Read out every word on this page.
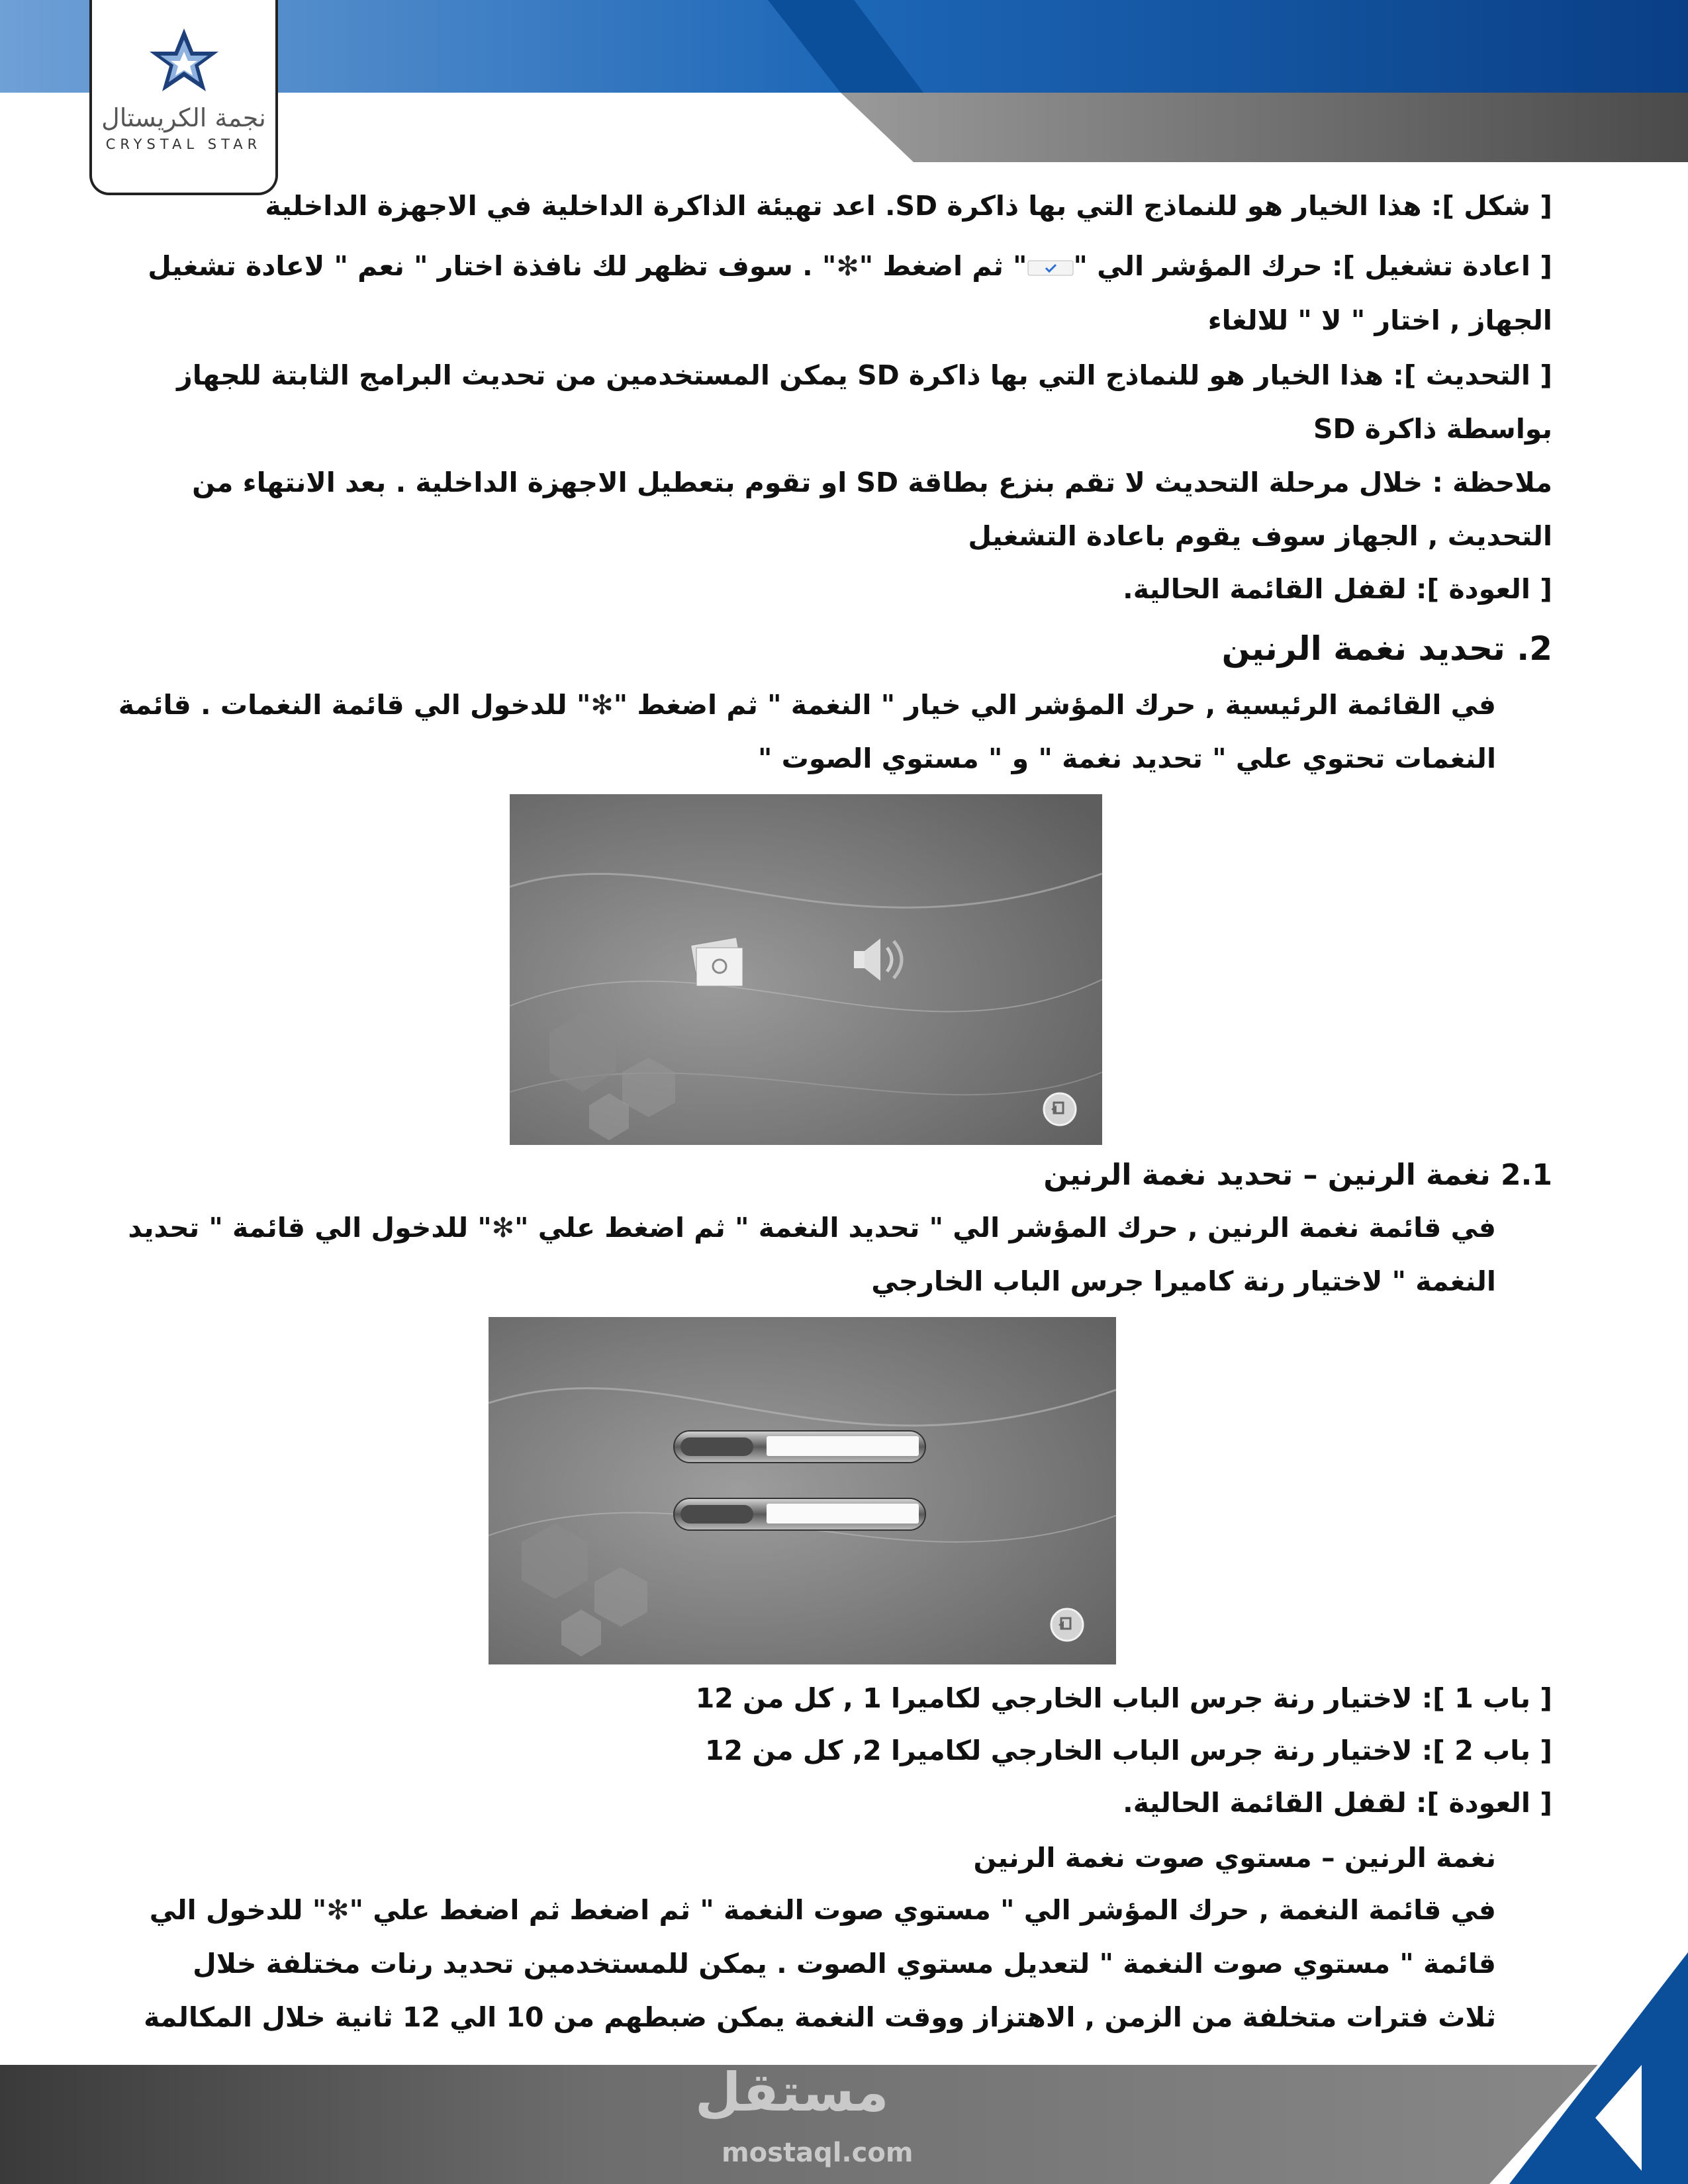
نجمة الكريستال
CRYSTAL STAR
[ شكل ]: هذا الخيار هو للنماذج التي بها ذاكرة SD. اعد تهيئة الذاكرة الداخلية في الاجهزة الداخلية
[ اعادة تشغيل ]: حرك المؤشر الي "" ثم اضغط "✻" . سوف تظهر لك نافذة اختار " نعم " لاعادة تشغيل
الجهاز , اختار " لا " للالغاء
[ التحديث ]: هذا الخيار هو للنماذج التي بها ذاكرة SD يمكن المستخدمين من تحديث البرامج الثابتة للجهاز
بواسطة ذاكرة SD
ملاحظة : خلال مرحلة التحديث لا تقم بنزع بطاقة SD او تقوم بتعطيل الاجهزة الداخلية . بعد الانتهاء من
التحديث , الجهاز سوف يقوم باعادة التشغيل
[ العودة ]: لقفل القائمة الحالية.
2. تحديد نغمة الرنين
في القائمة الرئيسية , حرك المؤشر الي خيار " النغمة " ثم اضغط "✻" للدخول الي قائمة النغمات . قائمة
النغمات تحتوي علي " تحديد نغمة " و " مستوي الصوت "
2.1 نغمة الرنين – تحديد نغمة الرنين
في قائمة نغمة الرنين , حرك المؤشر الي " تحديد النغمة " ثم اضغط علي "✻" للدخول الي قائمة " تحديد
النغمة " لاختيار رنة كاميرا جرس الباب الخارجي
[ باب 1 ]: لاختيار رنة جرس الباب الخارجي لكاميرا 1 , كل من 12
[ باب 2 ]: لاختيار رنة جرس الباب الخارجي لكاميرا 2, كل من 12
[ العودة ]: لقفل القائمة الحالية.
نغمة الرنين – مستوي صوت نغمة الرنين
في قائمة النغمة , حرك المؤشر الي " مستوي صوت النغمة " ثم اضغط ثم اضغط علي "✻" للدخول الي
قائمة " مستوي صوت النغمة " لتعديل مستوي الصوت . يمكن للمستخدمين تحديد رنات مختلفة خلال
ثلاث فترات متخلفة من الزمن , الاهتزاز ووقت النغمة يمكن ضبطهم من 10 الي 12 ثانية خلال المكالمة
مستقل
mostaql.com
